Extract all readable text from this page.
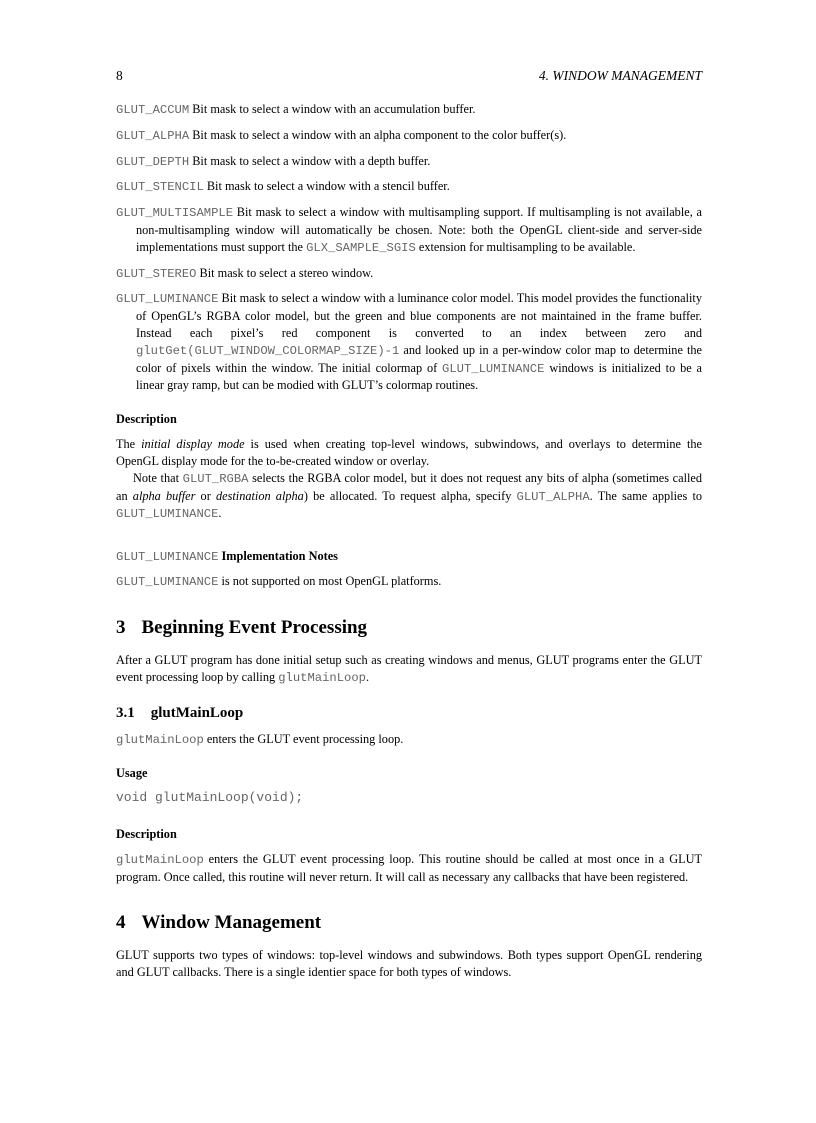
8	4. WINDOW MANAGEMENT
GLUT_ACCUM Bit mask to select a window with an accumulation buffer.
GLUT_ALPHA Bit mask to select a window with an alpha component to the color buffer(s).
GLUT_DEPTH Bit mask to select a window with a depth buffer.
GLUT_STENCIL Bit mask to select a window with a stencil buffer.
GLUT_MULTISAMPLE Bit mask to select a window with multisampling support. If multisampling is not available, a non-multisampling window will automatically be chosen. Note: both the OpenGL client-side and server-side implementations must support the GLX_SAMPLE_SGIS extension for multisampling to be available.
GLUT_STEREO Bit mask to select a stereo window.
GLUT_LUMINANCE Bit mask to select a window with a luminance color model. This model provides the functionality of OpenGL’s RGBA color model, but the green and blue components are not maintained in the frame buffer. Instead each pixel’s red component is converted to an index between zero and glutGet(GLUT_WINDOW_COLORMAP_SIZE)-1 and looked up in a per-window color map to determine the color of pixels within the window. The initial colormap of GLUT_LUMINANCE windows is initialized to be a linear gray ramp, but can be modied with GLUT’s colormap routines.
Description

The initial display mode is used when creating top-level windows, subwindows, and overlays to determine the OpenGL display mode for the to-be-created window or overlay.

Note that GLUT_RGBA selects the RGBA color model, but it does not request any bits of alpha (sometimes called an alpha buffer or destination alpha) be allocated. To request alpha, specify GLUT_ALPHA. The same applies to GLUT_LUMINANCE.

GLUT_LUMINANCE Implementation Notes

GLUT_LUMINANCE is not supported on most OpenGL platforms.

3 Beginning Event Processing

After a GLUT program has done initial setup such as creating windows and menus, GLUT programs enter the GLUT event processing loop by calling glutMainLoop.

3.1 glutMainLoop

glutMainLoop enters the GLUT event processing loop.

Usage
void glutMainLoop(void);
Description

glutMainLoop enters the GLUT event processing loop. This routine should be called at most once in a GLUT program. Once called, this routine will never return. It will call as necessary any callbacks that have been registered.

4 Window Management

GLUT supports two types of windows: top-level windows and subwindows. Both types support OpenGL rendering and GLUT callbacks. There is a single identier space for both types of windows.
